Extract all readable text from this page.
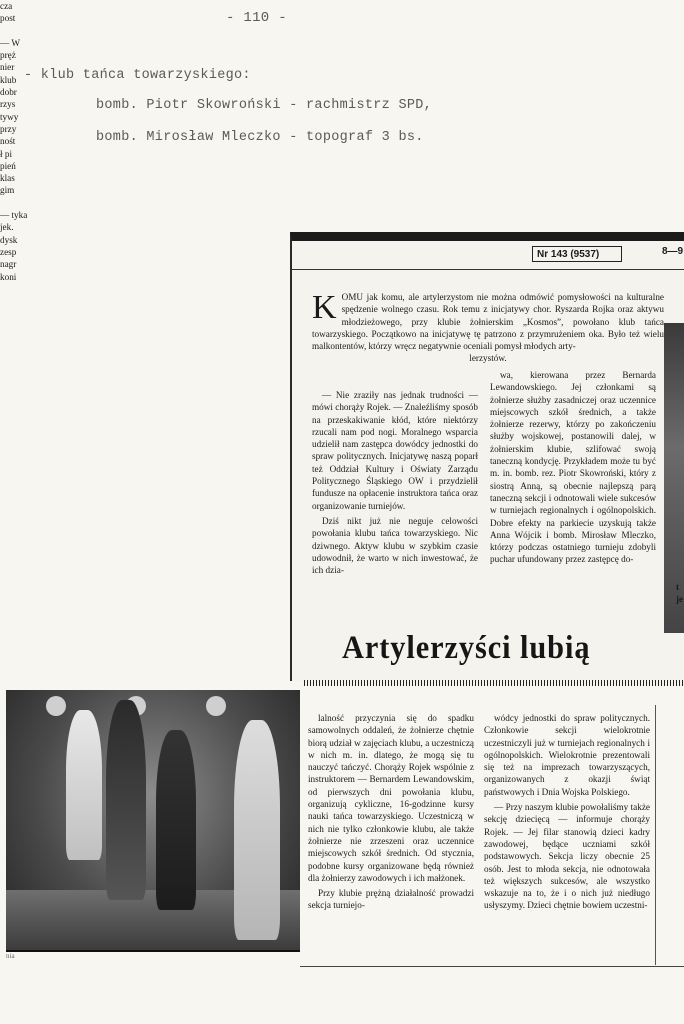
- 110 -
- klub tańca towarzyskiego:
bomb. Piotr Skowroński - rachmistrz SPD,
bomb. Mirosław Mleczko - topograf 3 bs.
Nr 143 (9537)	8—9
t
je
K OMU jak komu, ale artylerzystom nie można odmówić pomysłowości na kulturalne spędzenie wolnego czasu. Rok temu z inicjatywy chor. Ryszarda Rojka oraz aktywu młodzieżowego, przy klubie żołnierskim „Kosmos”, powołano klub tańca towarzyskiego. Początkowo na inicjatywę tę patrzono z przymrużeniem oka. Było też wielu malkontentów, którzy wręcz negatywnie oceniali pomysł młodych arty-
lerzystów.

— Nie zraziły nas jednak trudności — mówi chorąży Rojek. — Znaleźliśmy sposób na przeskakiwanie kłód, które niektórzy rzucali nam pod nogi. Moralnego wsparcia udzielił nam zastępca dowódcy jednostki do spraw politycznych. Inicjatywę naszą poparł też Oddział Kultury i Oświaty Zarządu Politycznego Śląskiego OW i przydzielił fundusze na opłacenie instruktora tańca oraz organizowanie turniejów.

Dziś nikt już nie neguje celowości powołania klubu tańca towarzyskiego. Nic dziwnego. Aktyw klubu w szybkim czasie udowodnił, że warto w nich inwestować, że ich dzia-

wa, kierowana przez Bernarda Lewandowskiego. Jej członkami są żołnierze służby zasadniczej oraz uczennice miejscowych szkół średnich, a także żołnierze rezerwy, którzy po zakończeniu służby wojskowej, postanowili dalej, w żołnierskim klubie, szlifować swoją taneczną kondycję. Przykładem może tu być m. in. bomb. rez. Piotr Skowroński, który z siostrą Anną, są obecnie najlepszą parą taneczną sekcji i odnotowali wiele sukcesów w turniejach regionalnych i ogólnopolskich. Dobre efekty na parkiecie uzyskują także Anna Wójcik i bomb. Mirosław Mleczko, którzy podczas ostatniego turnieju zdobyli puchar ufundowany przez zastępcę do-

Artylerzyści lubią
nia

lalność przyczynia się do spadku samowolnych oddaleń, że żołnierze chętnie biorą udział w zajęciach klubu, a uczestniczą w nich m. in. dlatego, że mogą się tu nauczyć tańczyć. Chorąży Rojek wspólnie z instruktorem — Bernardem Lewandowskim, od pierwszych dni powołania klubu, organizują cykliczne, 16-godzinne kursy nauki tańca towarzyskiego. Uczestniczą w nich nie tylko członkowie klubu, ale także żołnierze nie zrzeszeni oraz uczennice miejscowych szkół średnich. Od stycznia, podobne kursy organizowane będą również dla żołnierzy zawodowych i ich małżonek.

Przy klubie prężną działalność prowadzi sekcja turniejo-

wódcy jednostki do spraw politycznych. Członkowie sekcji wielokrotnie uczestniczyli już w turniejach regionalnych i ogólnopolskich. Wielokrotnie prezentowali się też na imprezach towarzyszących, organizowanych z okazji świąt państwowych i Dnia Wojska Polskiego.

— Przy naszym klubie powołaliśmy także sekcję dziecięcą — informuje chorąży Rojek. — Jej filar stanowią dzieci kadry zawodowej, będące uczniami szkół podstawowych. Sekcja liczy obecnie 25 osób. Jest to młoda sekcja, nie odnotowała też większych sukcesów, ale wszystko wskazuje na to, że i o nich już niedługo usłyszymy. Dzieci chętnie bowiem uczestni-

cza
post
— W
pręż
nier
klub
dobr
rzys
tywy
przy
nośt
ł pi
pień
klas
gim
— tyka
jek.
dysk
zesp
nagr
koni
